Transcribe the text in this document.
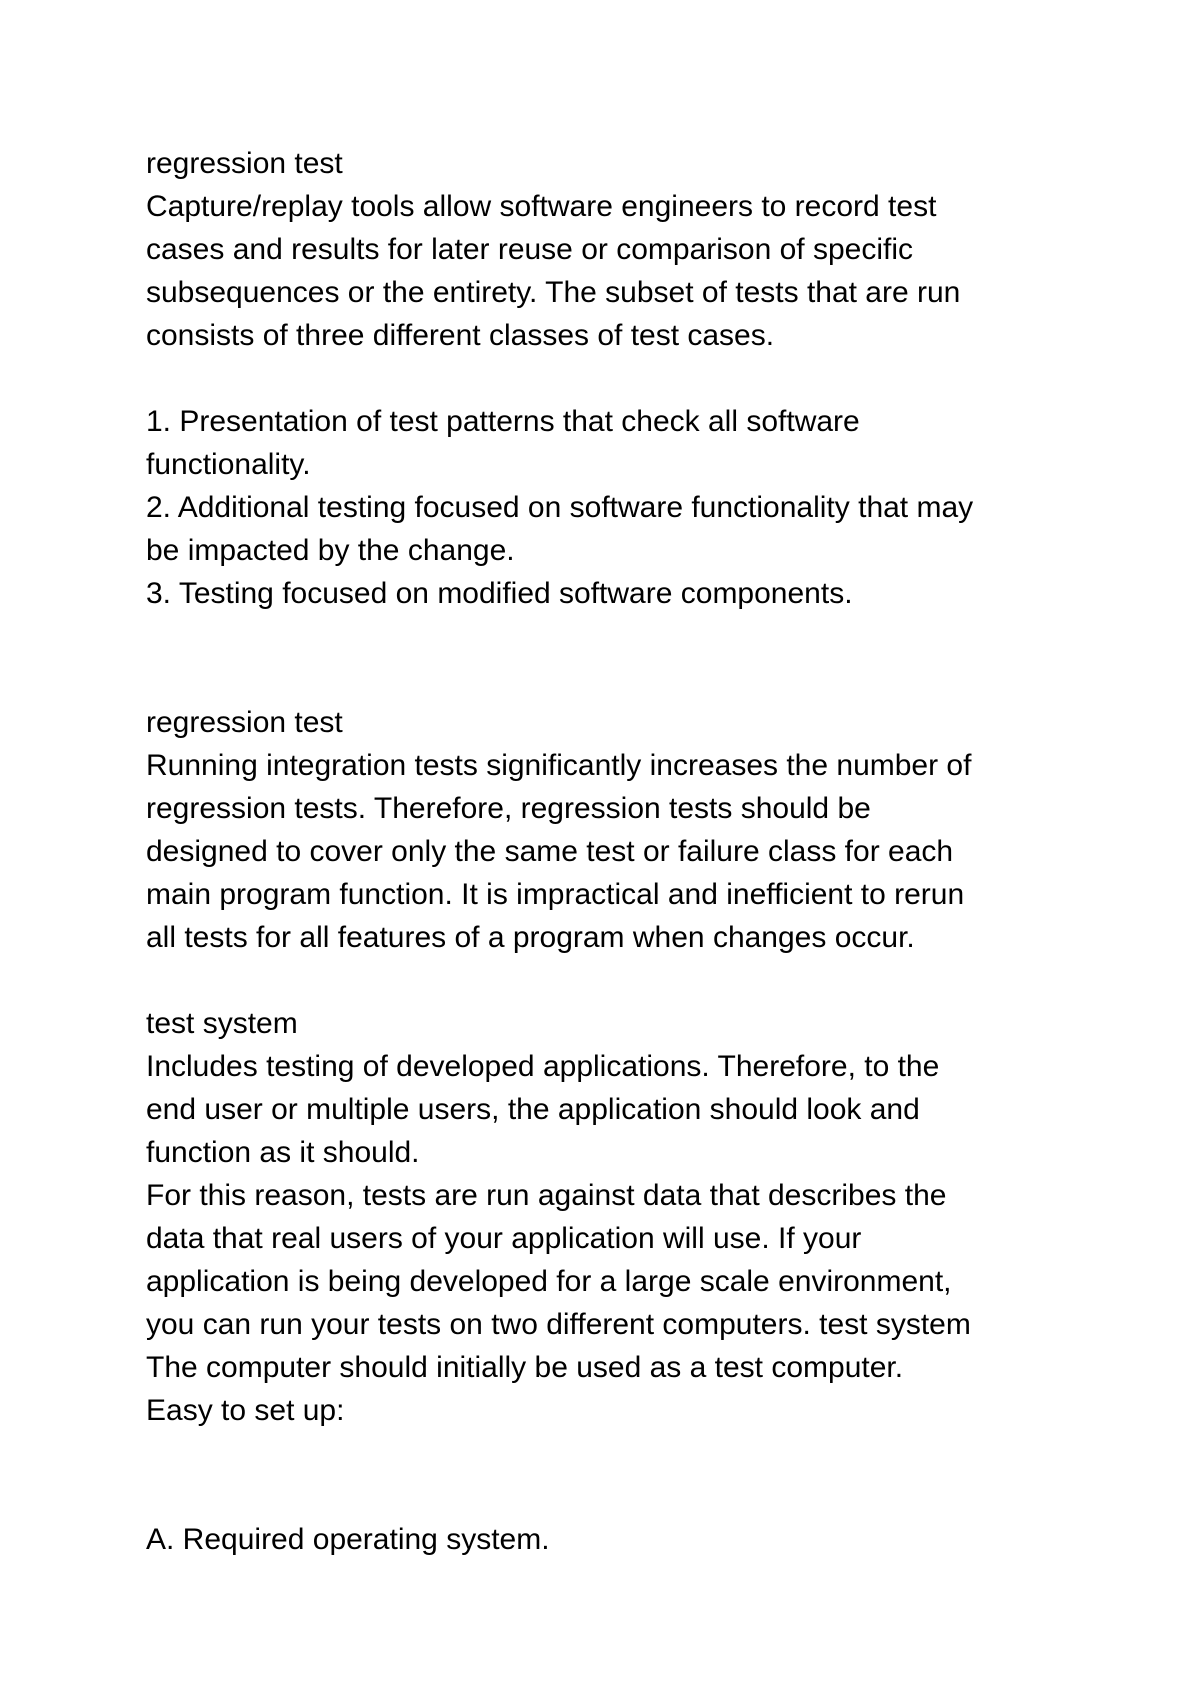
regression test
Capture/replay tools allow software engineers to record test
cases and results for later reuse or comparison of specific
subsequences or the entirety. The subset of tests that are run
consists of three different classes of test cases.
1. Presentation of test patterns that check all software
functionality.
2. Additional testing focused on software functionality that may
be impacted by the change.
3. Testing focused on modified software components.
regression test
Running integration tests significantly increases the number of
regression tests. Therefore, regression tests should be
designed to cover only the same test or failure class for each
main program function. It is impractical and inefficient to rerun
all tests for all features of a program when changes occur.
test system
Includes testing of developed applications. Therefore, to the
end user or multiple users, the application should look and
function as it should.
For this reason, tests are run against data that describes the
data that real users of your application will use. If your
application is being developed for a large scale environment,
you can run your tests on two different computers. test system
The computer should initially be used as a test computer.
Easy to set up:
A. Required operating system.
